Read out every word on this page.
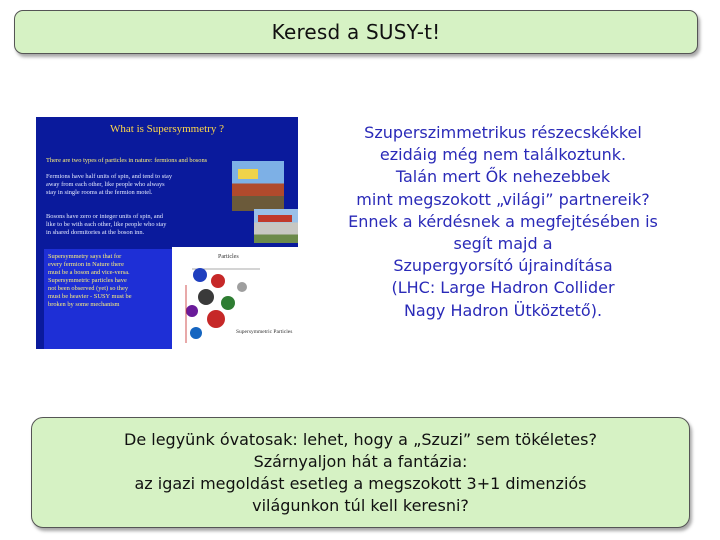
Keresd a SUSY-t!
What is Supersymmetry ?
There are two types of particles in nature: fermions and bosons
Fermions have half units of spin, and tend to stay
away from each other, like people who always
stay in single rooms at the fermion motel.
Bosons have zero or integer units of spin, and
like to be with each other, like people who stay
in shared dormitories at the boson inn.
Supersymmetry says that for
every fermion in Nature there
must be a boson and vice-versa.
Supersymmetric particles have
not been observed (yet) so they
must be heavier - SUSY must be
broken by some mechanism
Particles
Supersymmetric Particles
Szuperszimmetrikus részecskékkel
ezidáig még nem találkoztunk.
Talán mert Ők nehezebbek
mint megszokott „világi” partnereik?
Ennek a kérdésnek a megfejtésében is
segít majd a
Szupergyorsító újraindítása
(LHC: Large Hadron Collider
Nagy Hadron Ütköztető).
De legyünk óvatosak: lehet, hogy a „Szuzi” sem tökéletes?
Szárnyaljon hát a fantázia:
az igazi megoldást esetleg a megszokott 3+1 dimenziós
világunkon túl kell keresni?
